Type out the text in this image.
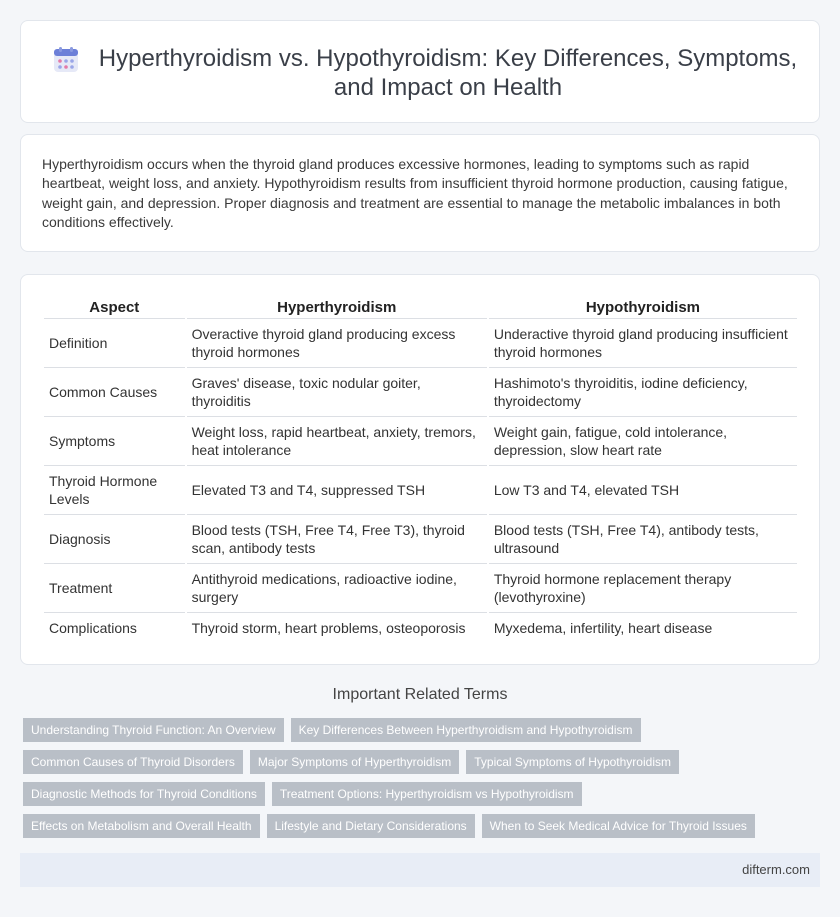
Hyperthyroidism vs. Hypothyroidism: Key Differences, Symptoms, and Impact on Health

Hyperthyroidism occurs when the thyroid gland produces excessive hormones, leading to symptoms such as rapid heartbeat, weight loss, and anxiety. Hypothyroidism results from insufficient thyroid hormone production, causing fatigue, weight gain, and depression. Proper diagnosis and treatment are essential to manage the metabolic imbalances in both conditions effectively.

Aspect	Hyperthyroidism	Hypothyroidism
Definition	Overactive thyroid gland producing excess thyroid hormones	Underactive thyroid gland producing insufficient thyroid hormones
Common Causes	Graves' disease, toxic nodular goiter, thyroiditis	Hashimoto's thyroiditis, iodine deficiency, thyroidectomy
Symptoms	Weight loss, rapid heartbeat, anxiety, tremors, heat intolerance	Weight gain, fatigue, cold intolerance, depression, slow heart rate
Thyroid Hormone Levels	Elevated T3 and T4, suppressed TSH	Low T3 and T4, elevated TSH
Diagnosis	Blood tests (TSH, Free T4, Free T3), thyroid scan, antibody tests	Blood tests (TSH, Free T4), antibody tests, ultrasound
Treatment	Antithyroid medications, radioactive iodine, surgery	Thyroid hormone replacement therapy (levothyroxine)
Complications	Thyroid storm, heart problems, osteoporosis	Myxedema, infertility, heart disease
Important Related Terms
Understanding Thyroid Function: An Overview	Key Differences Between Hyperthyroidism and Hypothyroidism
Common Causes of Thyroid Disorders	Major Symptoms of Hyperthyroidism	Typical Symptoms of Hypothyroidism
Diagnostic Methods for Thyroid Conditions	Treatment Options: Hyperthyroidism vs Hypothyroidism
Effects on Metabolism and Overall Health	Lifestyle and Dietary Considerations	When to Seek Medical Advice for Thyroid Issues
difterm.com
